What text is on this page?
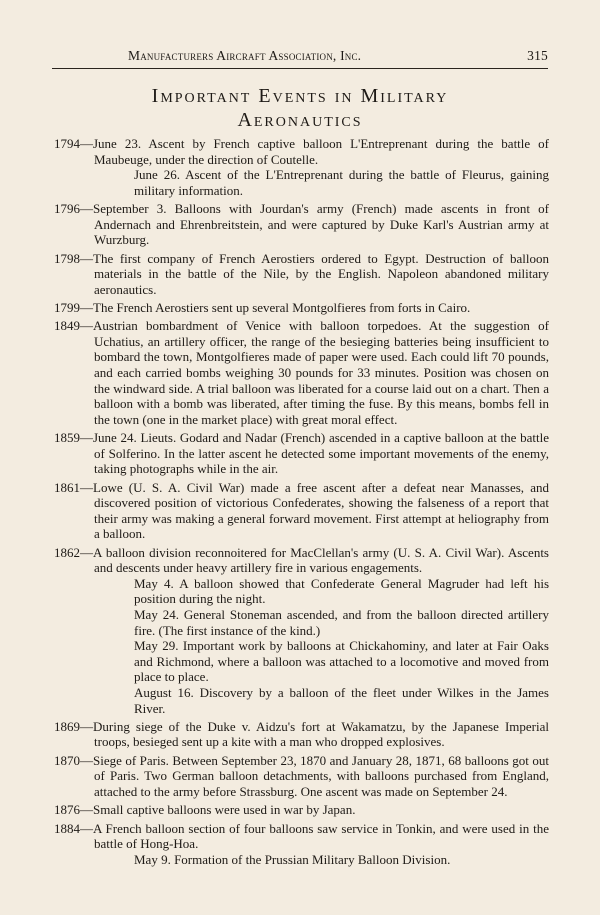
Manufacturers Aircraft Association, Inc.	315
Important Events in Military
Aeronautics
1794—June 23. Ascent by French captive balloon L'Entreprenant during the battle of Maubeuge, under the direction of Coutelle.
June 26. Ascent of the L'Entreprenant during the battle of Fleurus, gaining military information.
1796—September 3. Balloons with Jourdan's army (French) made ascents in front of Andernach and Ehrenbreitstein, and were captured by Duke Karl's Austrian army at Wurzburg.
1798—The first company of French Aerostiers ordered to Egypt. Destruction of balloon materials in the battle of the Nile, by the English. Napoleon abandoned military aeronautics.
1799—The French Aerostiers sent up several Montgolfieres from forts in Cairo.
1849—Austrian bombardment of Venice with balloon torpedoes. At the suggestion of Uchatius, an artillery officer, the range of the besieging batteries being insufficient to bombard the town, Montgolfieres made of paper were used. Each could lift 70 pounds, and each carried bombs weighing 30 pounds for 33 minutes. Position was chosen on the windward side. A trial balloon was liberated for a course laid out on a chart. Then a balloon with a bomb was liberated, after timing the fuse. By this means, bombs fell in the town (one in the market place) with great moral effect.
1859—June 24. Lieuts. Godard and Nadar (French) ascended in a captive balloon at the battle of Solferino. In the latter ascent he detected some important movements of the enemy, taking photographs while in the air.
1861—Lowe (U. S. A. Civil War) made a free ascent after a defeat near Manasses, and discovered position of victorious Confederates, showing the falseness of a report that their army was making a general forward movement. First attempt at heliography from a balloon.
1862—A balloon division reconnoitered for MacClellan's army (U. S. A. Civil War). Ascents and descents under heavy artillery fire in various engagements.
May 4. A balloon showed that Confederate General Magruder had left his position during the night.
May 24. General Stoneman ascended, and from the balloon directed artillery fire. (The first instance of the kind.)
May 29. Important work by balloons at Chickahominy, and later at Fair Oaks and Richmond, where a balloon was attached to a locomotive and moved from place to place.
August 16. Discovery by a balloon of the fleet under Wilkes in the James River.
1869—During siege of the Duke v. Aidzu's fort at Wakamatzu, by the Japanese Imperial troops, besieged sent up a kite with a man who dropped explosives.
1870—Siege of Paris. Between September 23, 1870 and January 28, 1871, 68 balloons got out of Paris. Two German balloon detachments, with balloons purchased from England, attached to the army before Strassburg. One ascent was made on September 24.
1876—Small captive balloons were used in war by Japan.
1884—A French balloon section of four balloons saw service in Tonkin, and were used in the battle of Hong-Hoa.
May 9. Formation of the Prussian Military Balloon Division.
